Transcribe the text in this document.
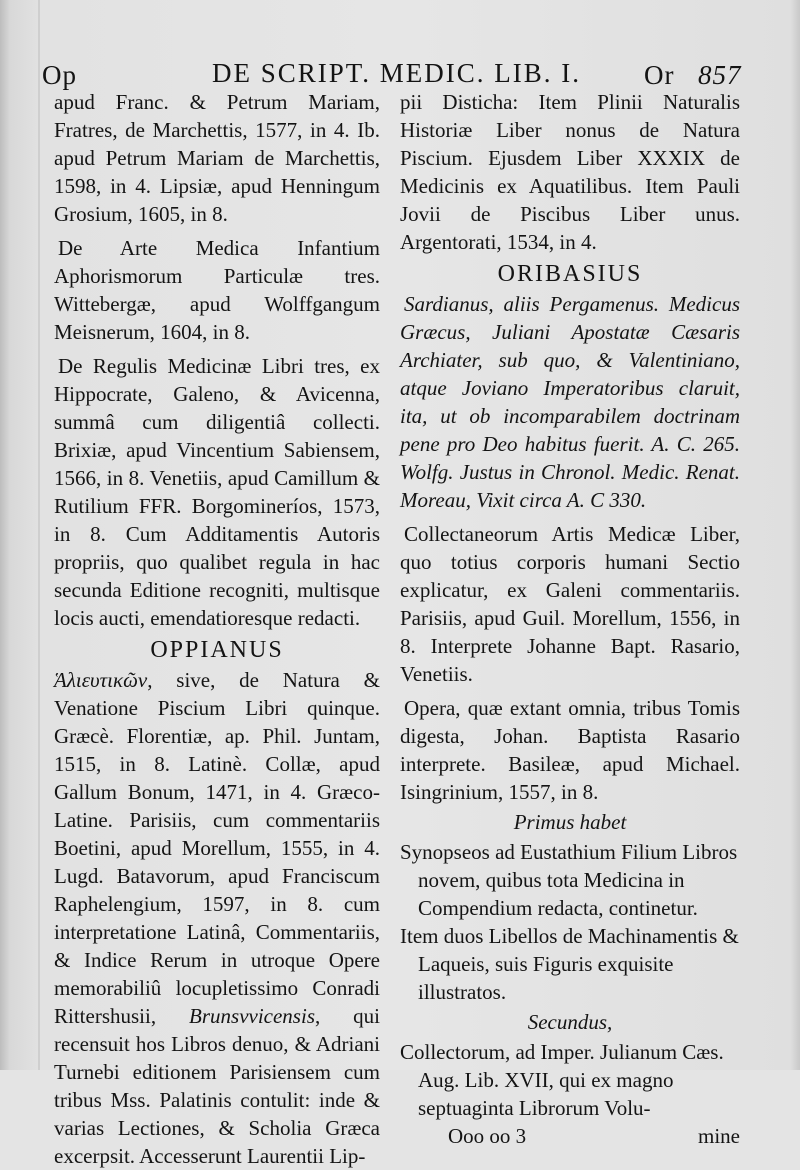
Op	DE SCRIPT. MEDIC. LIB. I. Or 857

apud Franc. & Petrum Mariam, Fratres, de Marchettis, 1577, in 4. Ib. apud Petrum Mariam de Marchettis, 1598, in 4. Lipsiæ, apud Henningum Grosium, 1605, in 8.

De Arte Medica Infantium Aphorismorum Particulæ tres. Wittebergæ, apud Wolffgangum Meisnerum, 1604, in 8.

De Regulis Medicinæ Libri tres, ex Hippocrate, Galeno, & Avicenna, summâ cum diligentiâ collecti. Brixiæ, apud Vincentium Sabiensem, 1566, in 8. Venetiis, apud Camillum & Rutilium FFR. Borgomineríos, 1573, in 8. Cum Additamentis Autoris propriis, quo qualibet regula in hac secunda Editione recogniti, multisque locis aucti, emendatioresque redacti.

OPPIANUS

Ἁλιευτικῶν, sive, de Natura & Venatione Piscium Libri quinque. Græcè. Florentiæ, ap. Phil. Juntam, 1515, in 8. Latinè. Collæ, apud Gallum Bonum, 1471, in 4. Græco-Latine. Parisiis, cum commentariis Boetini, apud Morellum, 1555, in 4. Lugd. Batavorum, apud Franciscum Raphelengium, 1597, in 8. cum interpretatione Latinâ, Commentariis, & Indice Rerum in utroque Opere memorabiliû locupletissimo Conradi Rittershusii, Brunsvvicensis, qui recensuit hos Libros denuo, & Adriani Turnebi editionem Parisiensem cum tribus Mss. Palatinis contulit: inde & varias Lectiones, & Scholia Græca excerpsit. Accesserunt Laurentii Lip-

pii Disticha: Item Plinii Naturalis Historiæ Liber nonus de Natura Piscium. Ejusdem Liber XXXIX de Medicinis ex Aquatilibus. Item Pauli Jovii de Piscibus Liber unus. Argentorati, 1534, in 4.

ORIBASIUS

Sardianus, aliis Pergamenus. Medicus Græcus, Juliani Apostatæ Cæsaris Archiater, sub quo, & Valentiniano, atque Joviano Imperatoribus claruit, ita, ut ob incomparabilem doctrinam pene pro Deo habitus fuerit. A. C. 265. Wolfg. Justus in Chronol. Medic. Renat. Moreau, Vixit circa A. C 330.

Collectaneorum Artis Medicæ Liber, quo totius corporis humani Sectio explicatur, ex Galeni commentariis. Parisiis, apud Guil. Morellum, 1556, in 8. Interprete Johanne Bapt. Rasario, Venetiis.

Opera, quæ extant omnia, tribus Tomis digesta, Johan. Baptista Rasario interprete. Basileæ, apud Michael. Isingrinium, 1557, in 8.

Primus habet

Synopseos ad Eustathium Filium Libros novem, quibus tota Medicina in Compendium redacta, continetur.

Item duos Libellos de Machinamentis & Laqueis, suis Figuris exquisite illustratos.

Secundus,

Collectorum, ad Imper. Julianum Cæs. Aug. Lib. XVII, qui ex magno septuaginta Librorum Volu-

Ooo oo 3	mine
